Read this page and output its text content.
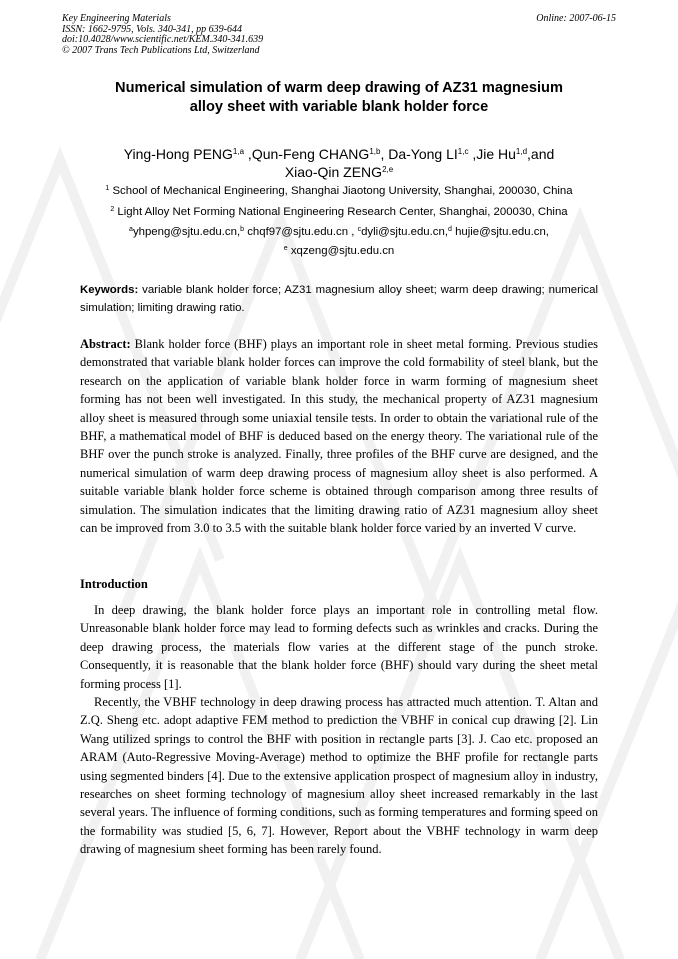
Key Engineering Materials
ISSN: 1662-9795, Vols. 340-341, pp 639-644
doi:10.4028/www.scientific.net/KEM.340-341.639
© 2007 Trans Tech Publications Ltd, Switzerland
Online: 2007-06-15
Numerical simulation of warm deep drawing of AZ31 magnesium
alloy sheet with variable blank holder force
Ying-Hong PENG$^{1,a}$ ,Qun-Feng CHANG$^{1,b}$, Da-Yong LI$^{1,c}$ ,Jie Hu$^{1,d}$,and
Xiao-Qin ZENG$^{2,e}$
$^1$ School of Mechanical Engineering, Shanghai Jiaotong University, Shanghai, 200030, China
$^2$ Light Alloy Net Forming National Engineering Research Center, Shanghai, 200030, China
$^a$yhpeng@sjtu.edu.cn,$^b$ chqf97@sjtu.edu.cn , $^c$dyli@sjtu.edu.cn,$^d$ hujie@sjtu.edu.cn,
$^e$ xqzeng@sjtu.edu.cn
Keywords: variable blank holder force; AZ31 magnesium alloy sheet; warm deep drawing; numerical simulation; limiting drawing ratio.

Abstract: Blank holder force (BHF) plays an important role in sheet metal forming. Previous studies demonstrated that variable blank holder forces can improve the cold formability of steel blank, but the research on the application of variable blank holder force in warm forming of magnesium sheet forming has not been well investigated. In this study, the mechanical property of AZ31 magnesium alloy sheet is measured through some uniaxial tensile tests. In order to obtain the variational rule of the BHF, a mathematical model of BHF is deduced based on the energy theory. The variational rule of the BHF over the punch stroke is analyzed. Finally, three profiles of the BHF curve are designed, and the numerical simulation of warm deep drawing process of magnesium alloy sheet is also performed. A suitable variable blank holder force scheme is obtained through comparison among three results of simulation. The simulation indicates that the limiting drawing ratio of AZ31 magnesium alloy sheet can be improved from 3.0 to 3.5 with the suitable blank holder force varied by an inverted V curve.

Introduction

In deep drawing, the blank holder force plays an important role in controlling metal flow. Unreasonable blank holder force may lead to forming defects such as wrinkles and cracks. During the deep drawing process, the materials flow varies at the different stage of the punch stroke. Consequently, it is reasonable that the blank holder force (BHF) should vary during the sheet metal forming process [1].

Recently, the VBHF technology in deep drawing process has attracted much attention. T. Altan and Z.Q. Sheng etc. adopt adaptive FEM method to prediction the VBHF in conical cup drawing [2]. Lin Wang utilized springs to control the BHF with position in rectangle parts [3]. J. Cao etc. proposed an ARAM (Auto-Regressive Moving-Average) method to optimize the BHF profile for rectangle parts using segmented binders [4]. Due to the extensive application prospect of magnesium alloy in industry, researches on sheet forming technology of magnesium alloy sheet increased remarkably in the last several years. The influence of forming conditions, such as forming temperatures and forming speed on the formability was studied [5, 6, 7]. However, Report about the VBHF technology in warm deep drawing of magnesium sheet forming has been rarely found.
